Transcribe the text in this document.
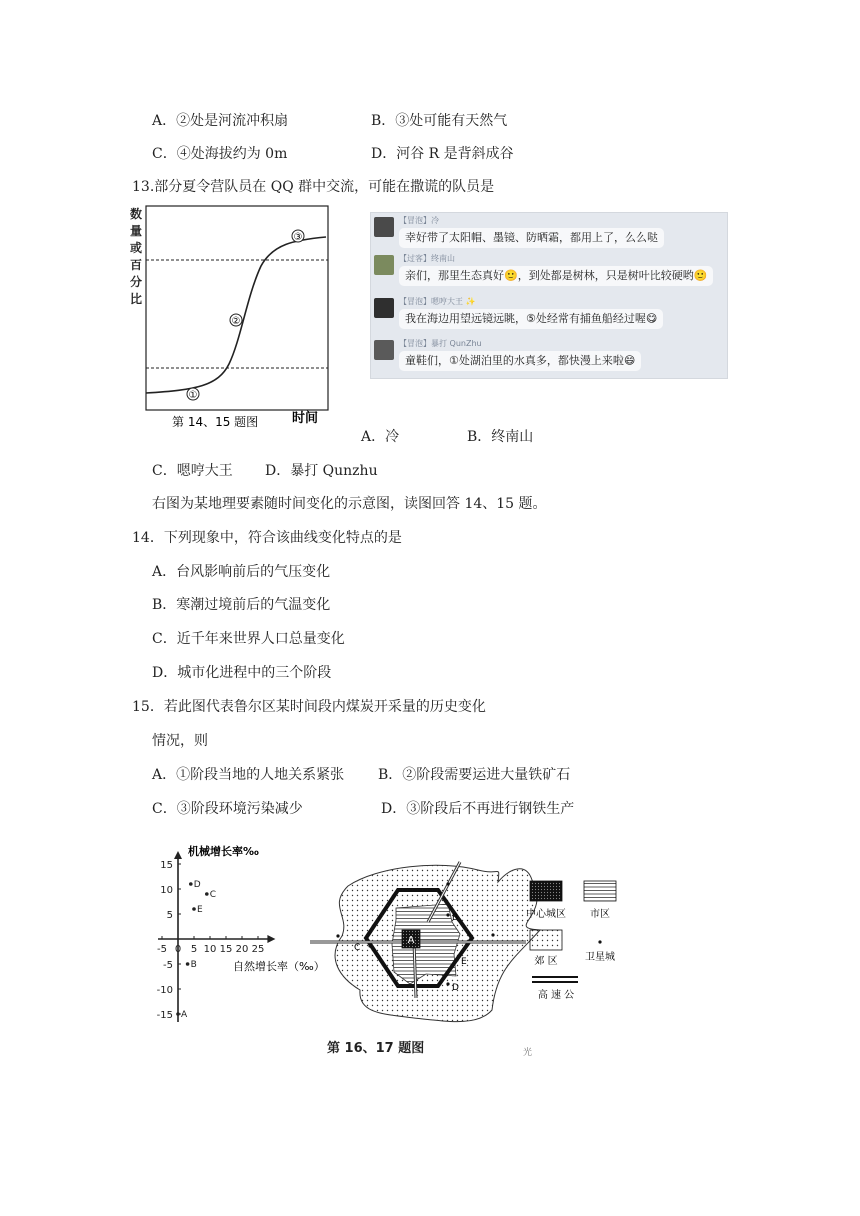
A．②处是河流冲积扇	B．③处可能有天然气
C．④处海拔约为 0m	D．河谷 R 是背斜成谷
13.部分夏令营队员在 QQ 群中交流，可能在撒谎的队员是
数
量
或
百
分
比
①
②
③
第 14、15 题图	时间
【冒泡】冷
幸好带了太阳帽、墨镜、防晒霜，都用上了，么么哒
【过客】终南山
亲们，那里生态真好🙂，到处都是树林，只是树叶比较硬哟🙂
【冒泡】嗯哼大王 ✨
我在海边用望远镜远眺，⑤处经常有捕鱼船经过喔😋
【冒泡】暴打 QunZhu
童鞋们，①处湖泊里的水真多，都快漫上来啦😄
A．冷	B．终南山
C．嗯哼大王 D．暴打 Qunzhu
右图为某地理要素随时间变化的示意图，读图回答 14、15 题。
14．下列现象中，符合该曲线变化特点的是
A．台风影响前后的气压变化
B．寒潮过境前后的气温变化
C．近千年来世界人口总量变化
D．城市化进程中的三个阶段
15．若此图代表鲁尔区某时间段内煤炭开采量的历史变化
情况，则
A．①阶段当地的人地关系紧张 B．②阶段需要运进大量铁矿石
C．③阶段环境污染减少	D．③阶段后不再进行钢铁生产
-5 0 5 10 15 20 25
15
10
5
-5
-10
-15 A
B
C
D
E
机械增长率‰
自然增长率（‰）
A
B
C
D
E
中心城区 市区
郊 区	卫星城
高 速 公
第 16、17 题图	光
